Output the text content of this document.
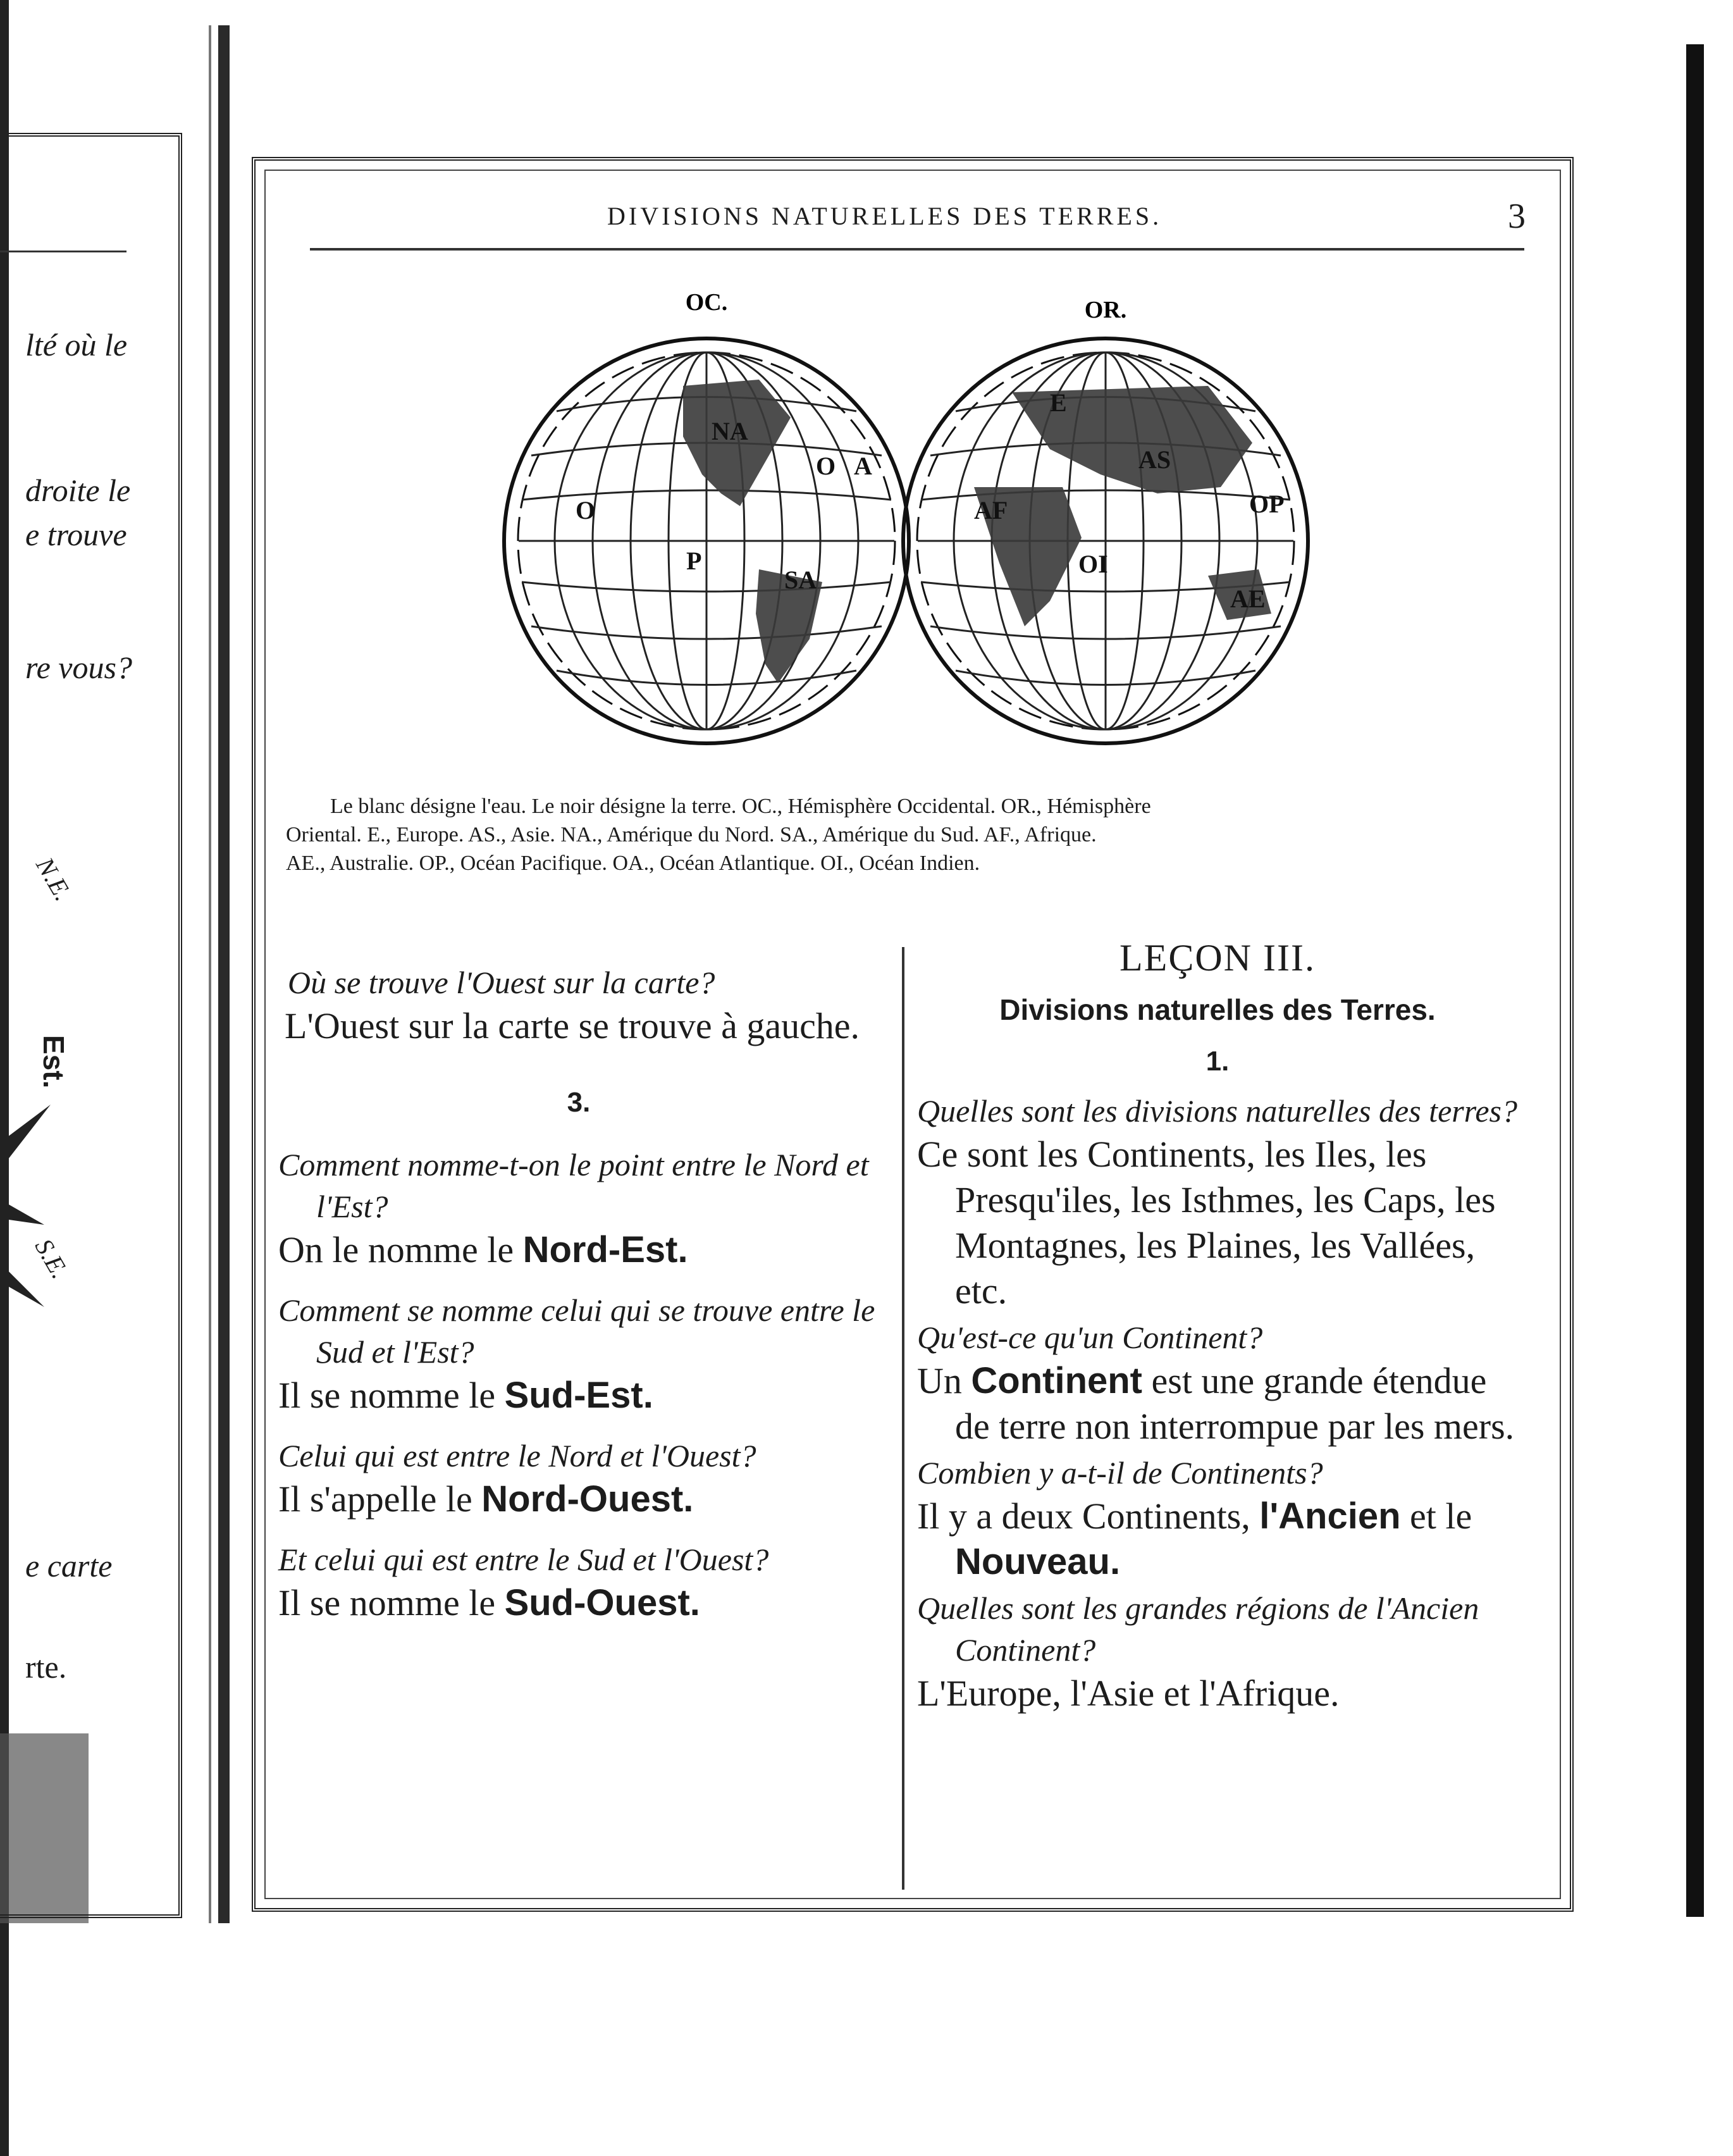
lté où le
droite le
e trouve
re vous?
e carte
rte.
N.E.
S.E.
Est.
DIVISIONS NATURELLES DES TERRES.	3
OC.	OR.
NA
O
P
O
A
SA
E
AS
AF
OI
OP
AE
Le blanc désigne l'eau. Le noir désigne la terre. OC., Hémisphère Occidental. OR., Hémisphère
Oriental. E., Europe. AS., Asie. NA., Amérique du Nord. SA., Amérique du Sud. AF., Afrique.
AE., Australie. OP., Océan Pacifique. OA., Océan Atlantique. OI., Océan Indien.
Où se trouve l'Ouest sur la carte?
L'Ouest sur la carte se trouve à gauche.
3.
Comment nomme-t-on le point entre le Nord et l'Est?
On le nomme le Nord-Est.
Comment se nomme celui qui se trouve entre le Sud et l'Est?
Il se nomme le Sud-Est.
Celui qui est entre le Nord et l'Ouest?
Il s'appelle le Nord-Ouest.
Et celui qui est entre le Sud et l'Ouest?
Il se nomme le Sud-Ouest.
LEÇON III.
Divisions naturelles des Terres.
1.
Quelles sont les divisions naturelles des terres?
Ce sont les Continents, les Iles, les Presqu'iles, les Isthmes, les Caps, les Montagnes, les Plaines, les Vallées, etc.
Qu'est-ce qu'un Continent?
Un Continent est une grande étendue de terre non interrompue par les mers.
Combien y a-t-il de Continents?
Il y a deux Continents, l'Ancien et le Nouveau.
Quelles sont les grandes régions de l'Ancien Continent?
L'Europe, l'Asie et l'Afrique.
